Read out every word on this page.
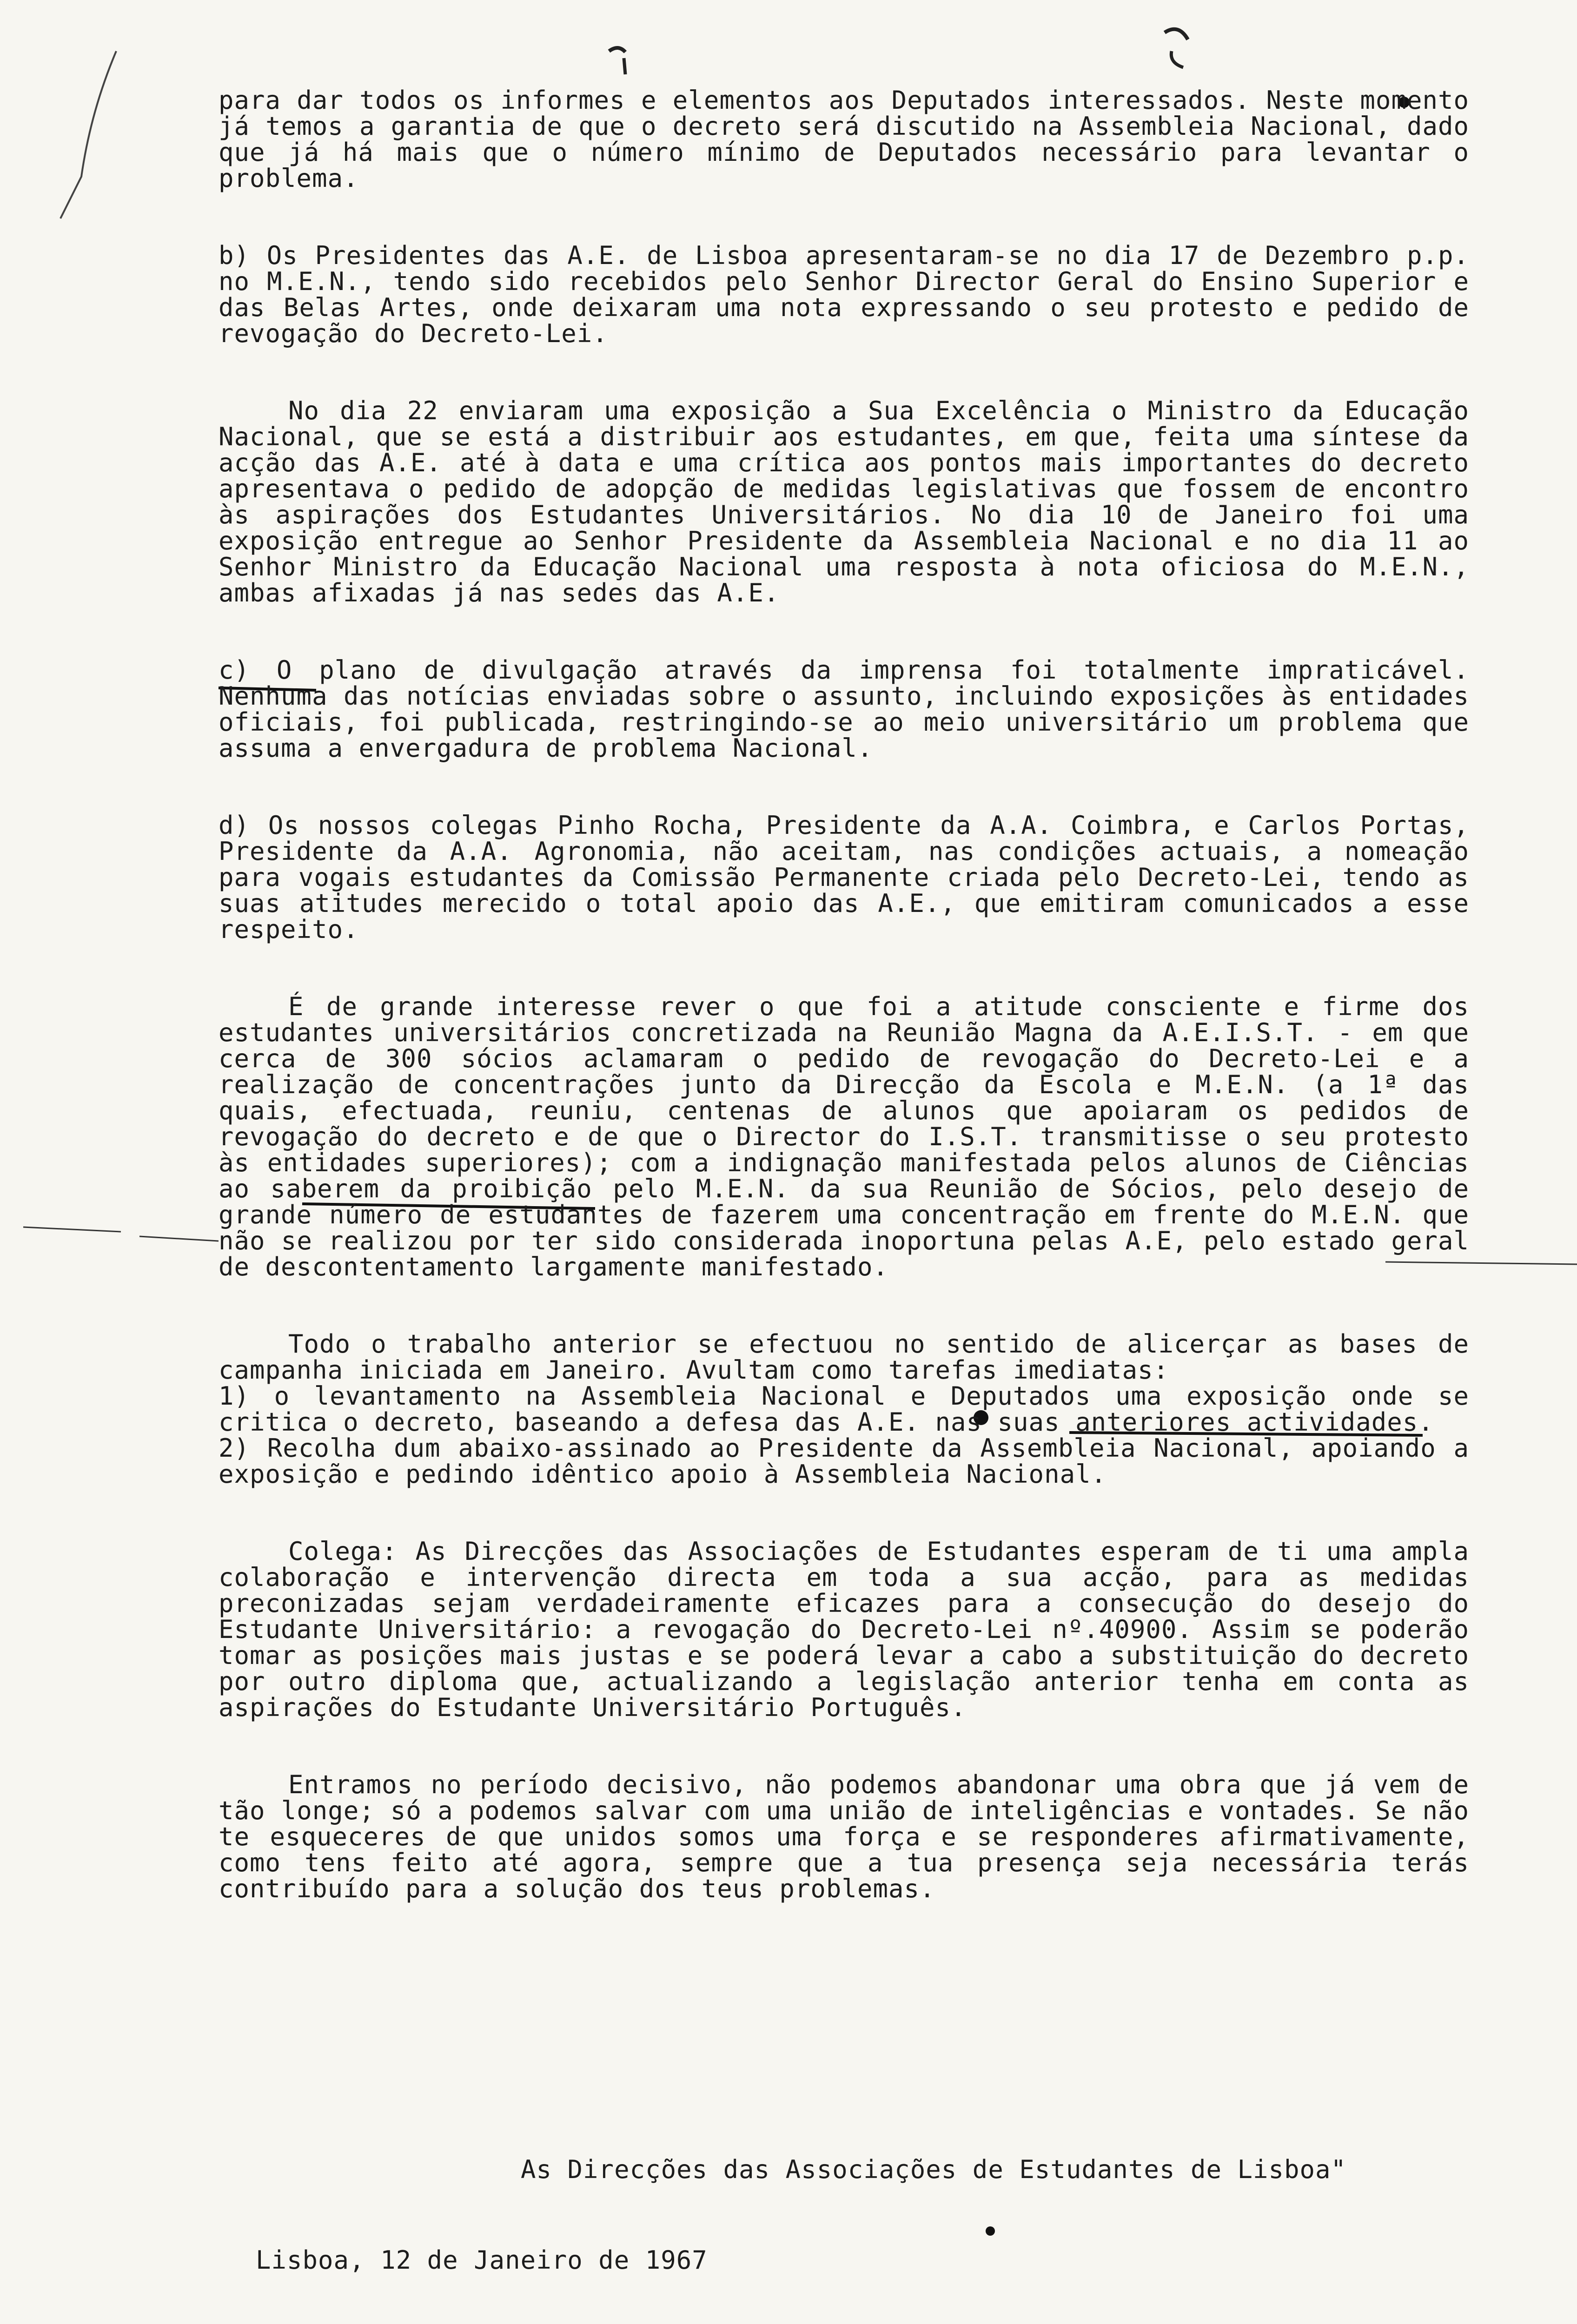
para dar todos os informes e elementos aos Deputados interessados. Neste momento já temos a garantia de que o decreto será discutido na Assembleia Nacional, dado que já há mais que o número mínimo de Deputados necessário para levantar o problema.

b) Os Presidentes das A.E. de Lisboa apresentaram-se no dia 17 de Dezembro p.p. no M.E.N., tendo sido recebidos pelo Senhor Director Geral do Ensino Superior e das Belas Artes, onde deixaram uma nota expressando o seu protesto e pedido de revogação do Decreto-Lei.

No dia 22 enviaram uma exposição a Sua Excelência o Ministro da Educação Nacional, que se está a distribuir aos estudantes, em que, feita uma síntese da acção das A.E. até à data e uma crítica aos pontos mais importantes do decreto apresentava o pedido de adopção de medidas legislativas que fossem de encontro às aspirações dos Estudantes Universitários. No dia 10 de Janeiro foi uma exposição entregue ao Senhor Presidente da Assembleia Nacional e no dia 11 ao Senhor Ministro da Educação Nacional uma resposta à nota oficiosa do M.E.N., ambas afixadas já nas sedes das A.E.

c) O plano de divulgação através da imprensa foi totalmente impraticável. Nenhuma das notícias enviadas sobre o assunto, incluindo exposições às entidades oficiais, foi publicada, restringindo-se ao meio universitário um problema que assuma a envergadura de problema Nacional.

d) Os nossos colegas Pinho Rocha, Presidente da A.A. Coimbra, e Carlos Portas, Presidente da A.A. Agronomia, não aceitam, nas condições actuais, a nomeação para vogais estudantes da Comissão Permanente criada pelo Decreto-Lei, tendo as suas atitudes merecido o total apoio das A.E., que emitiram comunicados a esse respeito.

É de grande interesse rever o que foi a atitude consciente e firme dos estudantes universitários concretizada na Reunião Magna da A.E.I.S.T. - em que cerca de 300 sócios aclamaram o pedido de revogação do Decreto-Lei e a realização de concentrações junto da Direcção da Escola e M.E.N. (a 1ª das quais, efectuada, reuniu, centenas de alunos que apoiaram os pedidos de revogação do decreto e de que o Director do I.S.T. transmitisse o seu protesto às entidades superiores); com a indignação manifestada pelos alunos de Ciências ao saberem da proibição pelo M.E.N. da sua Reunião de Sócios, pelo desejo de grande número de estudantes de fazerem uma concentração em frente do M.E.N. que não se realizou por ter sido considerada inoportuna pelas A.E, pelo estado geral de descontentamento largamente manifestado.

Todo o trabalho anterior se efectuou no sentido de alicerçar as bases de campanha iniciada em Janeiro. Avultam como tarefas imediatas:
1) o levantamento na Assembleia Nacional e Deputados uma exposição onde se critica o decreto, baseando a defesa das A.E. nas suas anteriores actividades.
2) Recolha dum abaixo-assinado ao Presidente da Assembleia Nacional, apoiando a exposição e pedindo idêntico apoio à Assembleia Nacional.

Colega: As Direcções das Associações de Estudantes esperam de ti uma ampla colaboração e intervenção directa em toda a sua acção, para as medidas preconizadas sejam verdadeiramente eficazes para a consecução do desejo do Estudante Universitário: a revogação do Decreto-Lei nº.40900. Assim se poderão tomar as posições mais justas e se poderá levar a cabo a substituição do decreto por outro diploma que, actualizando a legislação anterior tenha em conta as aspirações do Estudante Universitário Português.

Entramos no período decisivo, não podemos abandonar uma obra que já vem de tão longe; só a podemos salvar com uma união de inteligências e vontades. Se não te esqueceres de que unidos somos uma força e se responderes afirmativamente, como tens feito até agora, sempre que a tua presença seja necessária terás contribuído para a solução dos teus problemas.

As Direcções das Associações de Estudantes de Lisboa"
Lisboa, 12 de Janeiro de 1967
